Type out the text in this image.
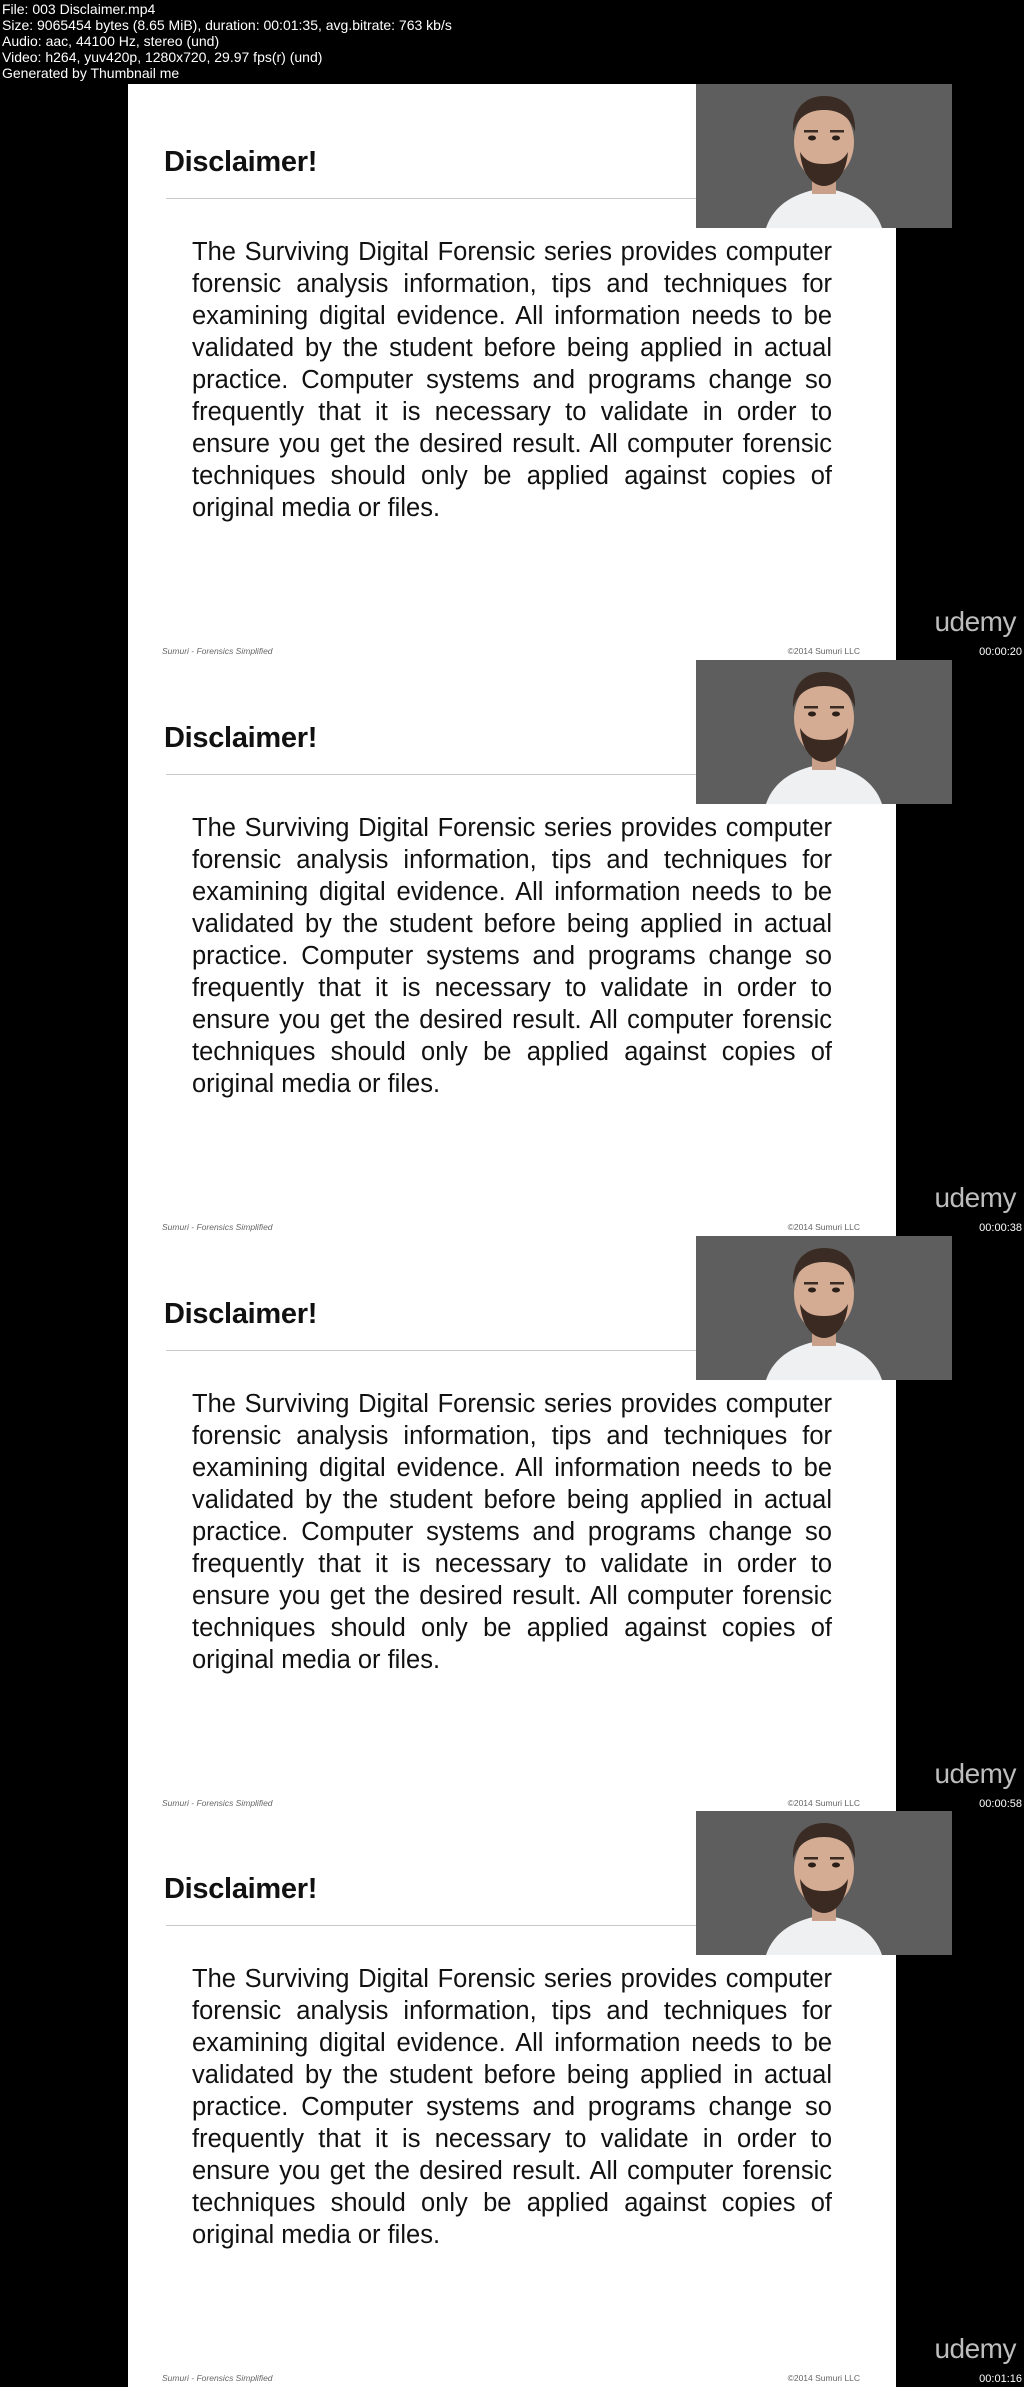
File: 003 Disclaimer.mp4
Size: 9065454 bytes (8.65 MiB), duration: 00:01:35, avg.bitrate: 763 kb/s
Audio: aac, 44100 Hz, stereo (und)
Video: h264, yuv420p, 1280x720, 29.97 fps(r) (und)
Generated by Thumbnail me
Disclaimer!
The Surviving Digital Forensic series provides computer forensic analysis information, tips and techniques for examining digital evidence. All information needs to be validated by the student before being applied in actual practice. Computer systems and programs change so frequently that it is necessary to validate in order to ensure you get the desired result. All computer forensic techniques should only be applied against copies of original media or files.
Sumuri - Forensics Simplified	©2014 Sumuri LLC
udemy
00:00:20
Disclaimer!
The Surviving Digital Forensic series provides computer forensic analysis information, tips and techniques for examining digital evidence. All information needs to be validated by the student before being applied in actual practice. Computer systems and programs change so frequently that it is necessary to validate in order to ensure you get the desired result. All computer forensic techniques should only be applied against copies of original media or files.
Sumuri - Forensics Simplified	©2014 Sumuri LLC
udemy
00:00:38
Disclaimer!
The Surviving Digital Forensic series provides computer forensic analysis information, tips and techniques for examining digital evidence. All information needs to be validated by the student before being applied in actual practice. Computer systems and programs change so frequently that it is necessary to validate in order to ensure you get the desired result. All computer forensic techniques should only be applied against copies of original media or files.
Sumuri - Forensics Simplified	©2014 Sumuri LLC
udemy
00:00:58
Disclaimer!
The Surviving Digital Forensic series provides computer forensic analysis information, tips and techniques for examining digital evidence. All information needs to be validated by the student before being applied in actual practice. Computer systems and programs change so frequently that it is necessary to validate in order to ensure you get the desired result. All computer forensic techniques should only be applied against copies of original media or files.
Sumuri - Forensics Simplified	©2014 Sumuri LLC
udemy
00:01:16
